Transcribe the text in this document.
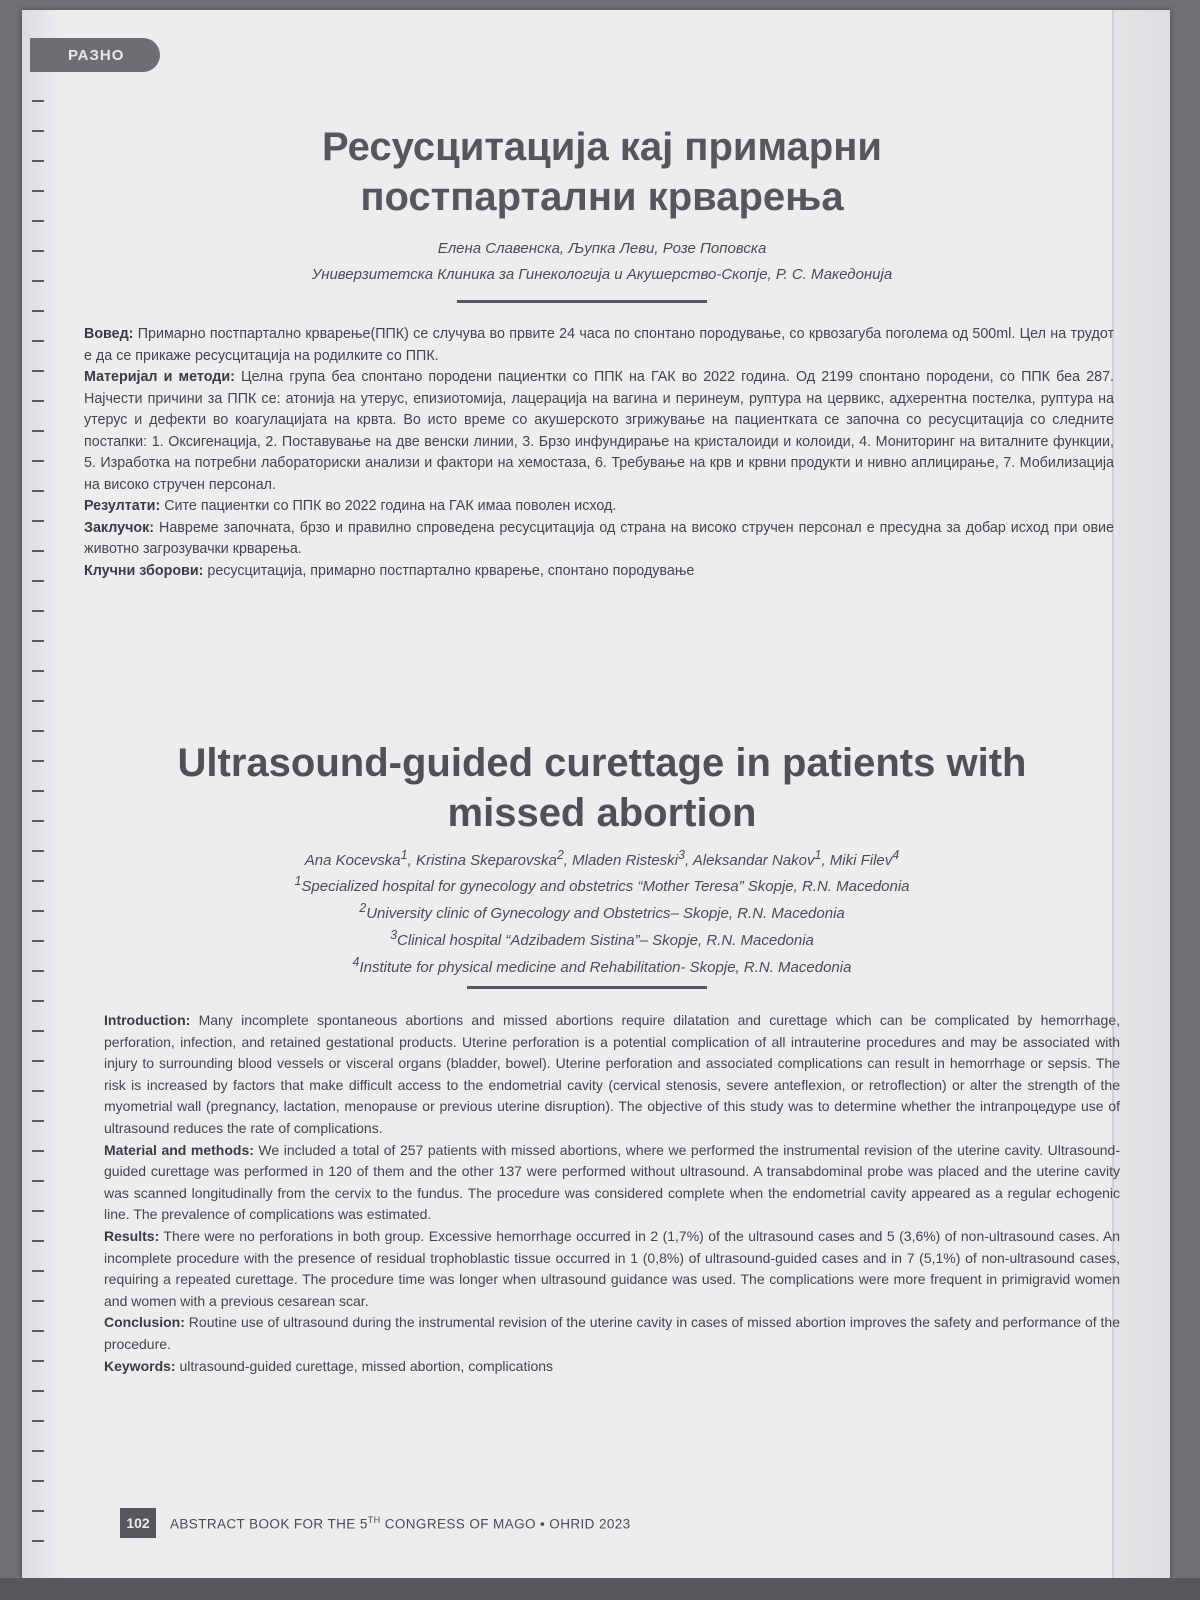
РАЗНО
Ресусцитација кај примарни
постпартални крварења

Елена Славенска, Љупка Леви, Розе Поповска

Универзитетска Клиника за Гинекологија и Акушерство-Скопје, Р. С. Македонија

Вовед: Примарно постпартално крварење(ППК) се случува во првите 24 часа по спонтано породување, со крвозагуба поголема од 500ml. Цел на трудот е да се прикаже ресусцитација на родилките со ППК.

Материјал и методи: Целна група беа спонтано породени пациентки со ППК на ГАК во 2022 година. Од 2199 спонтано породени, со ППК беа 287. Најчести причини за ППК се: атонија на утерус, епизиотомија, лацерација на вагина и перинеум, руптура на цервикс, адхерентна постелка, руптура на утерус и дефекти во коагулацијата на крвта. Во исто време со акушерското згрижување на пациентката се започна со ресусцитација со следните постапки: 1. Оксигенација, 2. Поставување на две венски линии, 3. Брзо инфундирање на кристалоиди и колоиди, 4. Мониторинг на виталните функции, 5. Изработка на потребни лабораториски анализи и фактори на хемостаза, 6. Требување на крв и крвни продукти и нивно аплицирање, 7. Мобилизација на високо стручен персонал.

Резултати: Сите пациентки со ППК во 2022 година на ГАК имаа поволен исход.

Заклучок: Навреме започната, брзо и правилно спроведена ресусцитација од страна на високо стручен персонал е пресудна за добар исход при овие животно загрозувачки крварења.

Клучни зборови: ресусцитација, примарно постпартално крварење, спонтано породување

Ultrasound-guided curettage in patients with
missed abortion

Ana Kocevska$^1$, Kristina Skeparovska$^2$, Mladen Risteski$^3$, Aleksandar Nakov$^1$, Miki Filev$^4$

$^1$Specialized hospital for gynecology and obstetrics “Mother Teresa” Skopje, R.N. Macedonia

$^2$University clinic of Gynecology and Obstetrics– Skopje, R.N. Macedonia

$^3$Clinical hospital “Adzibadem Sistina”– Skopje, R.N. Macedonia

$^4$Institute for physical medicine and Rehabilitation- Skopje, R.N. Macedonia

Introduction: Many incomplete spontaneous abortions and missed abortions require dilatation and curettage which can be complicated by hemorrhage, perforation, infection, and retained gestational products. Uterine perforation is a potential complication of all intrauterine procedures and may be associated with injury to surrounding blood vessels or visceral organs (bladder, bowel). Uterine perforation and associated complications can result in hemorrhage or sepsis. The risk is increased by factors that make difficult access to the endometrial cavity (cervical stenosis, severe anteflexion, or retroflection) or alter the strength of the myometrial wall (pregnancy, lactation, menopause or previous uterine disruption). The objective of this study was to determine whether the intrапроцедуре use of ultrasound reduces the rate of complications.

Material and methods: We included a total of 257 patients with missed abortions, where we performed the instrumental revision of the uterine cavity. Ultrasound-guided curettage was performed in 120 of them and the other 137 were performed without ultrasound. A transabdominal probe was placed and the uterine cavity was scanned longitudinally from the cervix to the fundus. The procedure was considered complete when the endometrial cavity appeared as a regular echogenic line. The prevalence of complications was estimated.

Results: There were no perforations in both group. Excessive hemorrhage occurred in 2 (1,7%) of the ultrasound cases and 5 (3,6%) of non-ultrasound cases. An incomplete procedure with the presence of residual trophoblastic tissue occurred in 1 (0,8%) of ultrasound-guided cases and in 7 (5,1%) of non-ultrasound cases, requiring a repeated curettage. The procedure time was longer when ultrasound guidance was used. The complications were more frequent in primigravid women and women with a previous cesarean scar.

Conclusion: Routine use of ultrasound during the instrumental revision of the uterine cavity in cases of missed abortion improves the safety and performance of the procedure.

Keywords: ultrasound-guided curettage, missed abortion, complications

102	ABSTRACT BOOK FOR THE 5TH CONGRESS OF MAGO • OHRID 2023
